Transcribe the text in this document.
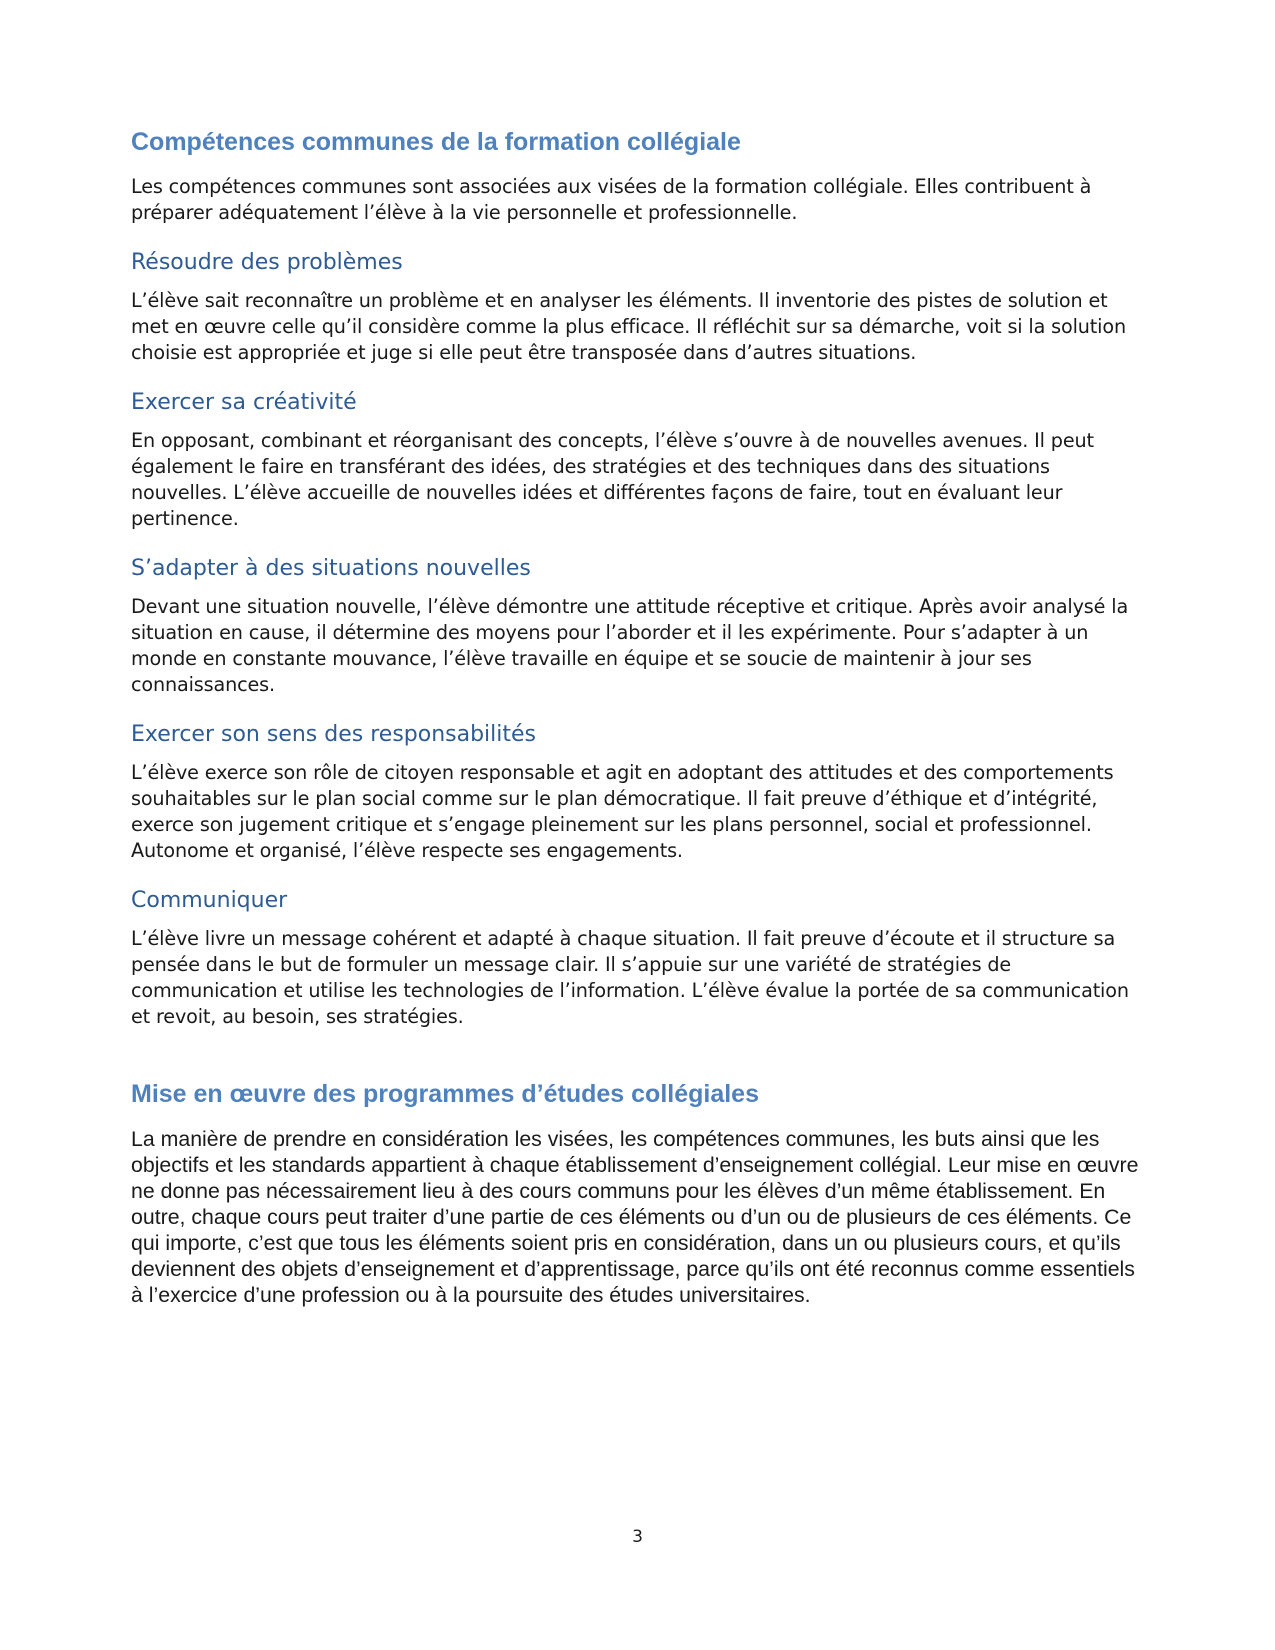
Compétences communes de la formation collégiale

Les compétences communes sont associées aux visées de la formation collégiale. Elles contribuent à préparer adéquatement l’élève à la vie personnelle et professionnelle.

Résoudre des problèmes

L’élève sait reconnaître un problème et en analyser les éléments. Il inventorie des pistes de solution et met en œuvre celle qu’il considère comme la plus efficace. Il réfléchit sur sa démarche, voit si la solution choisie est appropriée et juge si elle peut être transposée dans d’autres situations.

Exercer sa créativité

En opposant, combinant et réorganisant des concepts, l’élève s’ouvre à de nouvelles avenues. Il peut également le faire en transférant des idées, des stratégies et des techniques dans des situations nouvelles. L’élève accueille de nouvelles idées et différentes façons de faire, tout en évaluant leur pertinence.

S’adapter à des situations nouvelles

Devant une situation nouvelle, l’élève démontre une attitude réceptive et critique. Après avoir analysé la situation en cause, il détermine des moyens pour l’aborder et il les expérimente. Pour s’adapter à un monde en constante mouvance, l’élève travaille en équipe et se soucie de maintenir à jour ses connaissances.

Exercer son sens des responsabilités

L’élève exerce son rôle de citoyen responsable et agit en adoptant des attitudes et des comportements souhaitables sur le plan social comme sur le plan démocratique. Il fait preuve d’éthique et d’intégrité, exerce son jugement critique et s’engage pleinement sur les plans personnel, social et professionnel. Autonome et organisé, l’élève respecte ses engagements.

Communiquer

L’élève livre un message cohérent et adapté à chaque situation. Il fait preuve d’écoute et il structure sa pensée dans le but de formuler un message clair. Il s’appuie sur une variété de stratégies de communication et utilise les technologies de l’information. L’élève évalue la portée de sa communication et revoit, au besoin, ses stratégies.

Mise en œuvre des programmes d’études collégiales

La manière de prendre en considération les visées, les compétences communes, les buts ainsi que les objectifs et les standards appartient à chaque établissement d’enseignement collégial. Leur mise en œuvre ne donne pas nécessairement lieu à des cours communs pour les élèves d’un même établissement. En outre, chaque cours peut traiter d’une partie de ces éléments ou d’un ou de plusieurs de ces éléments. Ce qui importe, c’est que tous les éléments soient pris en considération, dans un ou plusieurs cours, et qu’ils deviennent des objets d’enseignement et d’apprentissage, parce qu’ils ont été reconnus comme essentiels à l’exercice d’une profession ou à la poursuite des études universitaires.

3
